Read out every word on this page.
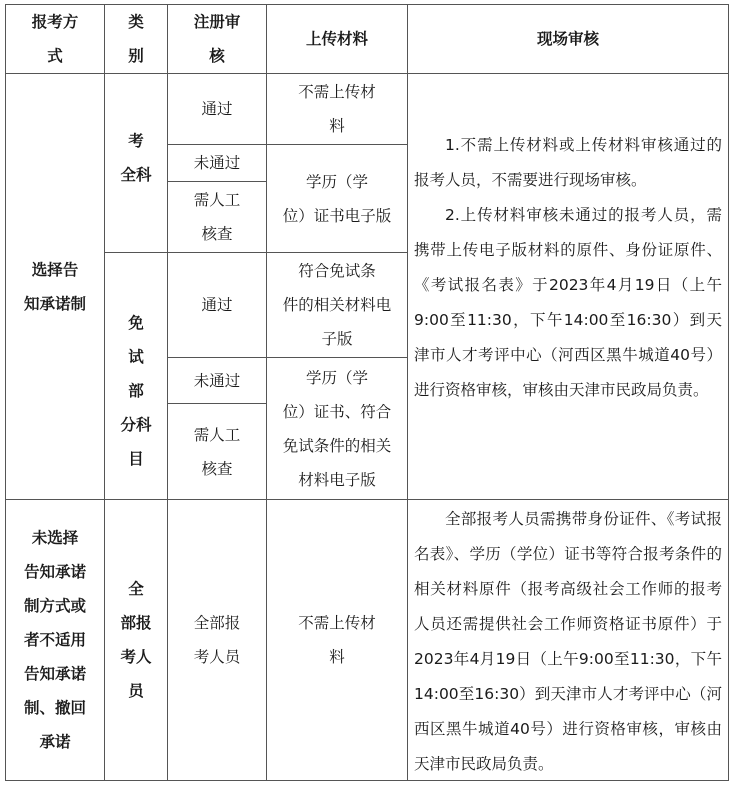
报考方
式
类
别
注册审
核
上传材料	现场审核
选择告
知承诺制
考
全科
通过
不需上传材
料
未通过
需人工
核查
学历（学
位）证书电子版
免
试
部
分科
目
通过
符合免试条
件的相关材料电
子版
未通过
需人工
核查
学历（学
位）证书、符合
免试条件的相关
材料电子版

1.不需上传材料或上传材料审核通过的报考人员，不需要进行现场审核。

2.上传材料审核未通过的报考人员，需携带上传电子版材料的原件、身份证原件、《考试报名表》于2023年4月19日（上午9:00至11:30，下午14:00至16:30）到天津市人才考评中心（河西区黑牛城道40号）进行资格审核，审核由天津市民政局负责。

未选择
告知承诺
制方式或
者不适用
告知承诺
制、撤回
承诺
全
部报
考人
员
全部报
考人员
不需上传材
料

全部报考人员需携带身份证件、《考试报名表》、学历（学位）证书等符合报考条件的相关材料原件（报考高级社会工作师的报考人员还需提供社会工作师资格证书原件）于2023年4月19日（上午9:00至11:30，下午14:00至16:30）到天津市人才考评中心（河西区黑牛城道40号）进行资格审核，审核由天津市民政局负责。
